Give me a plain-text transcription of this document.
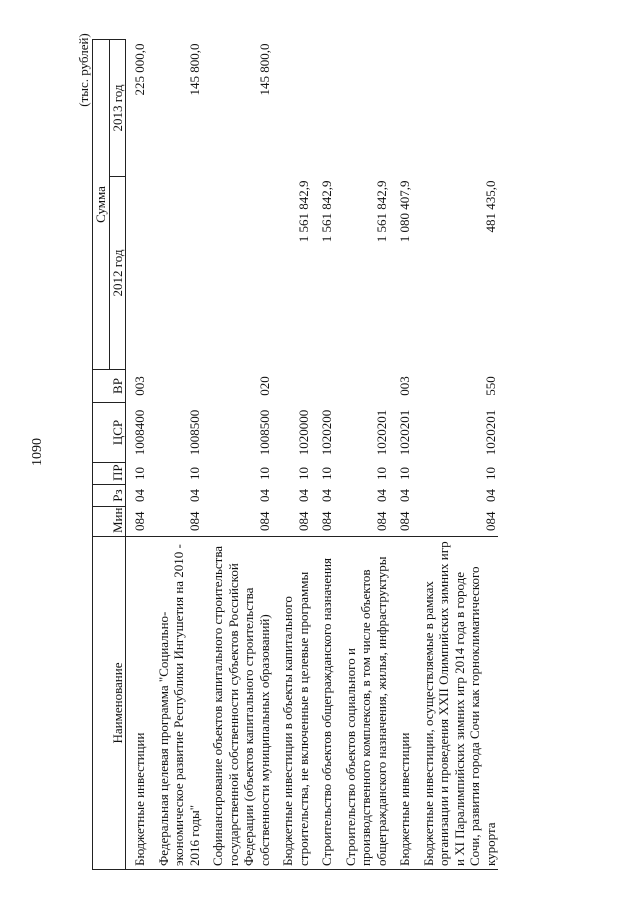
1090
(тыс. рублей)
Наименование	Мин	Рз	ПР	ЦСР	ВР	Сумма	
						2012 год	2013 год
Бюджетные инвестиции	084	04	10	1008400	003		225 000,0
Федеральная целевая программа "Социально-экономическое развитие Республики Ингушетия на 2010 - 2016 годы"	084	04	10	1008500			145 800,0
Софинансирование объектов капитального строительства государственной собственности субъектов Российской Федерации (объектов капитального строительства собственности муниципальных образований)	084	04	10	1008500	020		145 800,0
Бюджетные инвестиции в объекты капитального строительства, не включенные в целевые программы	084	04	10	1020000		1 561 842,9	
Строительство объектов общегражданского назначения	084	04	10	1020200		1 561 842,9	
Строительство объектов социального и производственного комплексов, в том числе объектов общегражданского назначения, жилья, инфраструктуры	084	04	10	1020201		1 561 842,9	
Бюджетные инвестиции	084	04	10	1020201	003	1 080 407,9	
Бюджетные инвестиции, осуществляемые в рамках организации и проведения XXII Олимпийских зимних игр и XI Паралимпийских зимних игр 2014 года в городе Сочи, развития города Сочи как горноклиматического курорта	084	04	10	1020201	550	481 435,0	
